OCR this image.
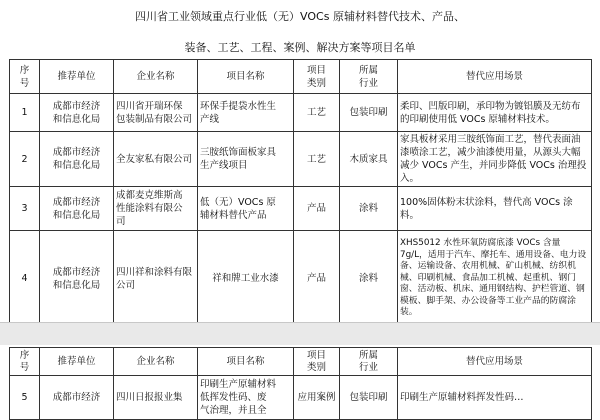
四川省工业领域重点行业低（无）VOCs 原辅材料替代技术、产品、
装备、工艺、工程、案例、解决方案等项目名单
序
号	推荐单位	企业名称	项目名称	项目
类别	所属
行业	替代应用场景
1	成都市经济
和信息化局	四川省开瑞环保
包装制品有限公司	环保手提袋水性生
产线	工艺	包装印刷	柔印、凹版印刷，承印物为镀铝膜及无纺布的印刷使用低 VOCs 原辅材料技术。
2	成都市经济
和信息化局	全友家私有限公司	三胺纸饰面板家具
生产线项目	工艺	木质家具	家具板材采用三胺纸饰面工艺，替代表面油漆喷涂工艺，减少油漆使用量，从源头大幅减少 VOCs 产生，并同步降低 VOCs 治理投入。
3	成都市经济
和信息化局	成都麦克维斯高
性能涂料有限公
司	低（无）VOCs 原
辅材料替代产品	产品	涂料	100%固体粉末状涂料，替代高 VOCs 涂料。
4	成都市经济
和信息化局	四川祥和涂料有限公司	祥和牌工业水漆	产品	涂料	XHS5012 水性环氧防腐底漆 VOCs 含量 7g/L，适用于汽车、摩托车、通用设备、电力设备、运输设备、农用机械、矿山机械、纺织机械、印刷机械、食品加工机械、起重机、钢门窗、活动板、机床、通用钢结构、护栏管道、钢模板、脚手架、办公设备等工业产品的防腐涂装。
序
号	推荐单位	企业名称	项目名称	项目
类别	所属
行业	替代应用场景
5	成都市经济	四川日报报业集	印刷生产原辅材料
低挥发性码、废
气治理，并且全	应用案例	包装印刷	印刷生产原辅材料挥发性码…
